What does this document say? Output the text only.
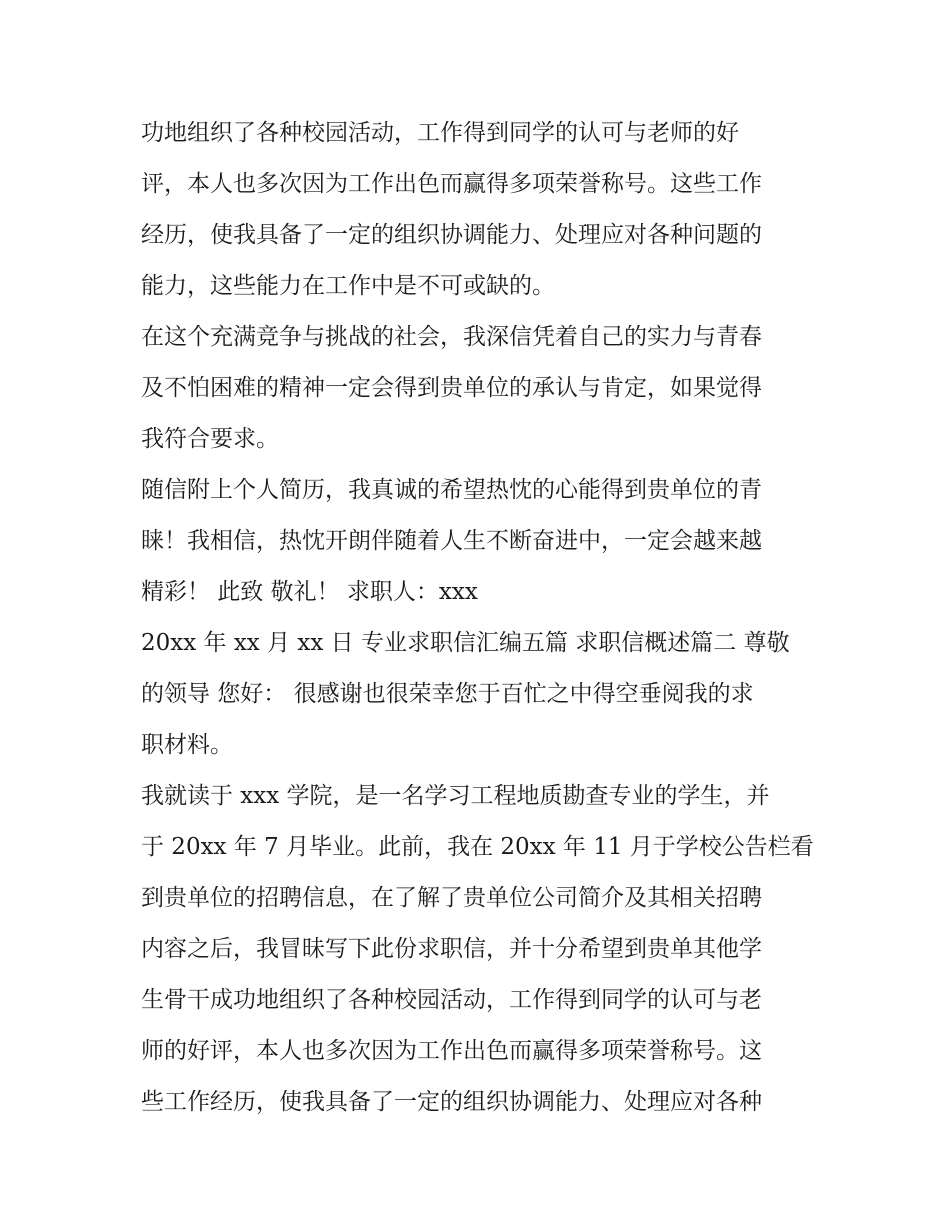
功地组织了各种校园活动，工作得到同学的认可与老师的好
评，本人也多次因为工作出色而赢得多项荣誉称号。这些工作
经历，使我具备了一定的组织协调能力、处理应对各种问题的
能力，这些能力在工作中是不可或缺的。
在这个充满竞争与挑战的社会，我深信凭着自己的实力与青春
及不怕困难的精神一定会得到贵单位的承认与肯定，如果觉得
我符合要求。
随信附上个人简历，我真诚的希望热忱的心能得到贵单位的青
睐！我相信，热忱开朗伴随着人生不断奋进中，一定会越来越
精彩！ 此致 敬礼！ 求职人：xxx
20xx 年 xx 月 xx 日 专业求职信汇编五篇 求职信概述篇二 尊敬
的领导 您好： 很感谢也很荣幸您于百忙之中得空垂阅我的求
职材料。
我就读于 xxx 学院，是一名学习工程地质勘查专业的学生，并
于 20xx 年 7 月毕业。此前，我在 20xx 年 11 月于学校公告栏看
到贵单位的招聘信息，在了解了贵单位公司简介及其相关招聘
内容之后，我冒昧写下此份求职信，并十分希望到贵单其他学
生骨干成功地组织了各种校园活动，工作得到同学的认可与老
师的好评，本人也多次因为工作出色而赢得多项荣誉称号。这
些工作经历，使我具备了一定的组织协调能力、处理应对各种
